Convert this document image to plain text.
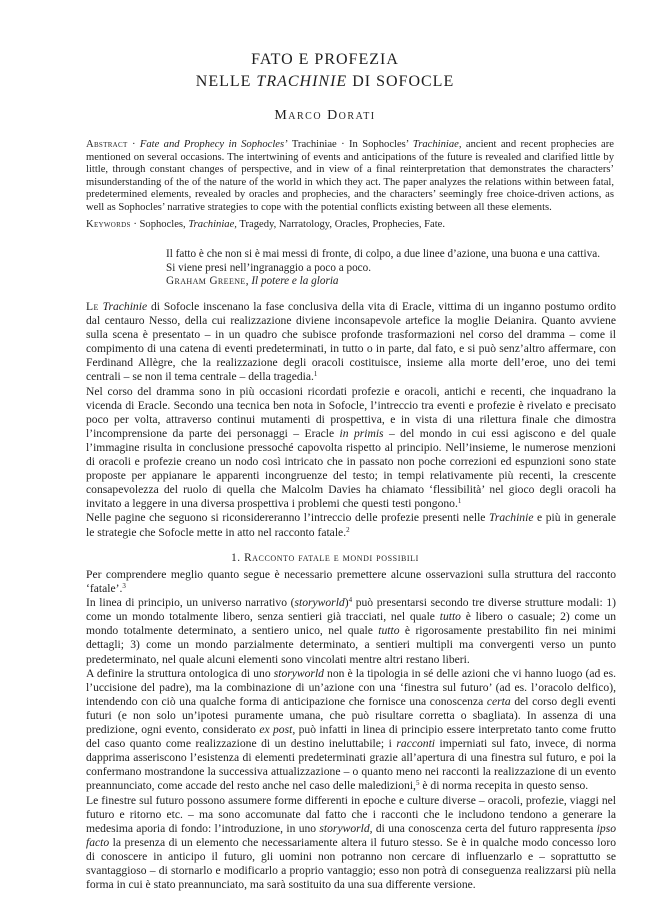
FATO E PROFEZIA
NELLE TRACHINIE DI SOFOCLE
Marco Dorati
Abstract · Fate and Prophecy in Sophocles’ Trachiniae · In Sophocles’ Trachiniae, ancient and recent prophecies are mentioned on several occasions. The intertwining of events and anticipations of the future is revealed and clarified little by little, through constant changes of perspective, and in view of a final reinterpretation that demonstrates the characters’ misunderstanding of the of the nature of the world in which they act. The paper analyzes the relations within between fatal, predetermined elements, revealed by oracles and prophecies, and the characters’ seemingly free choice-driven actions, as well as Sophocles’ narrative strategies to cope with the potential conflicts existing between all these elements.
Keywords · Sophocles, Trachiniae, Tragedy, Narratology, Oracles, Prophecies, Fate.
Il fatto è che non si è mai messi di fronte, di colpo, a due linee d’azione, una buona e una cattiva.
Si viene presi nell’ingranaggio a poco a poco.
Graham Greene, Il potere e la gloria

Le Trachinie di Sofocle inscenano la fase conclusiva della vita di Eracle, vittima di un inganno postumo ordito dal centauro Nesso, della cui realizzazione diviene inconsapevole artefice la moglie Deianira. Quanto avviene sulla scena è presentato – in un quadro che subisce profonde trasformazioni nel corso del dramma – come il compimento di una catena di eventi predeterminati, in tutto o in parte, dal fato, e si può senz’altro affermare, con Ferdinand Allègre, che la realizzazione degli oracoli costituisce, insieme alla morte dell’eroe, uno dei temi centrali – se non il tema centrale – della tragedia.$^1$

Nel corso del dramma sono in più occasioni ricordati profezie e oracoli, antichi e recenti, che inquadrano la vicenda di Eracle. Secondo una tecnica ben nota in Sofocle, l’intreccio tra eventi e profezie è rivelato e precisato poco per volta, attraverso continui mutamenti di prospettiva, e in vista di una rilettura finale che dimostra l’incomprensione da parte dei personaggi – Eracle in primis – del mondo in cui essi agiscono e del quale l’immagine risulta in conclusione pressoché capovolta rispetto al principio. Nell’insieme, le numerose menzioni di oracoli e profezie creano un nodo così intricato che in passato non poche correzioni ed espunzioni sono state proposte per appianare le apparenti incongruenze del testo; in tempi relativamente più recenti, la crescente consapevolezza del ruolo di quella che Malcolm Davies ha chiamato ‘flessibilità’ nel gioco degli oracoli ha invitato a leggere in una diversa prospettiva i problemi che questi testi pongono.$^1$

Nelle pagine che seguono si riconsidereranno l’intreccio delle profezie presenti nelle Trachinie e più in generale le strategie che Sofocle mette in atto nel racconto fatale.$^2$

1. Racconto fatale e mondi possibili

Per comprendere meglio quanto segue è necessario premettere alcune osservazioni sulla struttura del racconto ‘fatale’.$^3$

In linea di principio, un universo narrativo (storyworld)$^4$ può presentarsi secondo tre diverse strutture modali: 1) come un mondo totalmente libero, senza sentieri già tracciati, nel quale tutto è libero o casuale; 2) come un mondo totalmente determinato, a sentiero unico, nel quale tutto è rigorosamente prestabilito fin nei minimi dettagli; 3) come un mondo parzialmente determinato, a sentieri multipli ma convergenti verso un punto predeterminato, nel quale alcuni elementi sono vincolati mentre altri restano liberi.

A definire la struttura ontologica di uno storyworld non è la tipologia in sé delle azioni che vi hanno luogo (ad es. l’uccisione del padre), ma la combinazione di un’azione con una ‘finestra sul futuro’ (ad es. l’oracolo delfico), intendendo con ciò una qualche forma di anticipazione che fornisce una conoscenza certa del corso degli eventi futuri (e non solo un’ipotesi puramente umana, che può risultare corretta o sbagliata). In assenza di una predizione, ogni evento, considerato ex post, può infatti in linea di principio essere interpretato tanto come frutto del caso quanto come realizzazione di un destino ineluttabile; i racconti imperniati sul fato, invece, di norma dapprima asseriscono l’esistenza di elementi predeterminati grazie all’apertura di una finestra sul futuro, e poi la confermano mostrandone la successiva attualizzazione – o quanto meno nei racconti la realizzazione di un evento preannunciato, come accade del resto anche nel caso delle maledizioni,$^5$ è di norma recepita in questo senso.

Le finestre sul futuro possono assumere forme differenti in epoche e culture diverse – oracoli, profezie, viaggi nel futuro e ritorno etc. – ma sono accomunate dal fatto che i racconti che le includono tendono a generare la medesima aporia di fondo: l’introduzione, in uno storyworld, di una conoscenza certa del futuro rappresenta ipso facto la presenza di un elemento che necessariamente altera il futuro stesso. Se è in qualche modo concesso loro di conoscere in anticipo il futuro, gli uomini non potranno non cercare di influenzarlo e – soprattutto se svantaggioso – di stornarlo e modificarlo a proprio vantaggio; esso non potrà di conseguenza realizzarsi più nella forma in cui è stato preannunciato, ma sarà sostituito da una sua differente versione.
